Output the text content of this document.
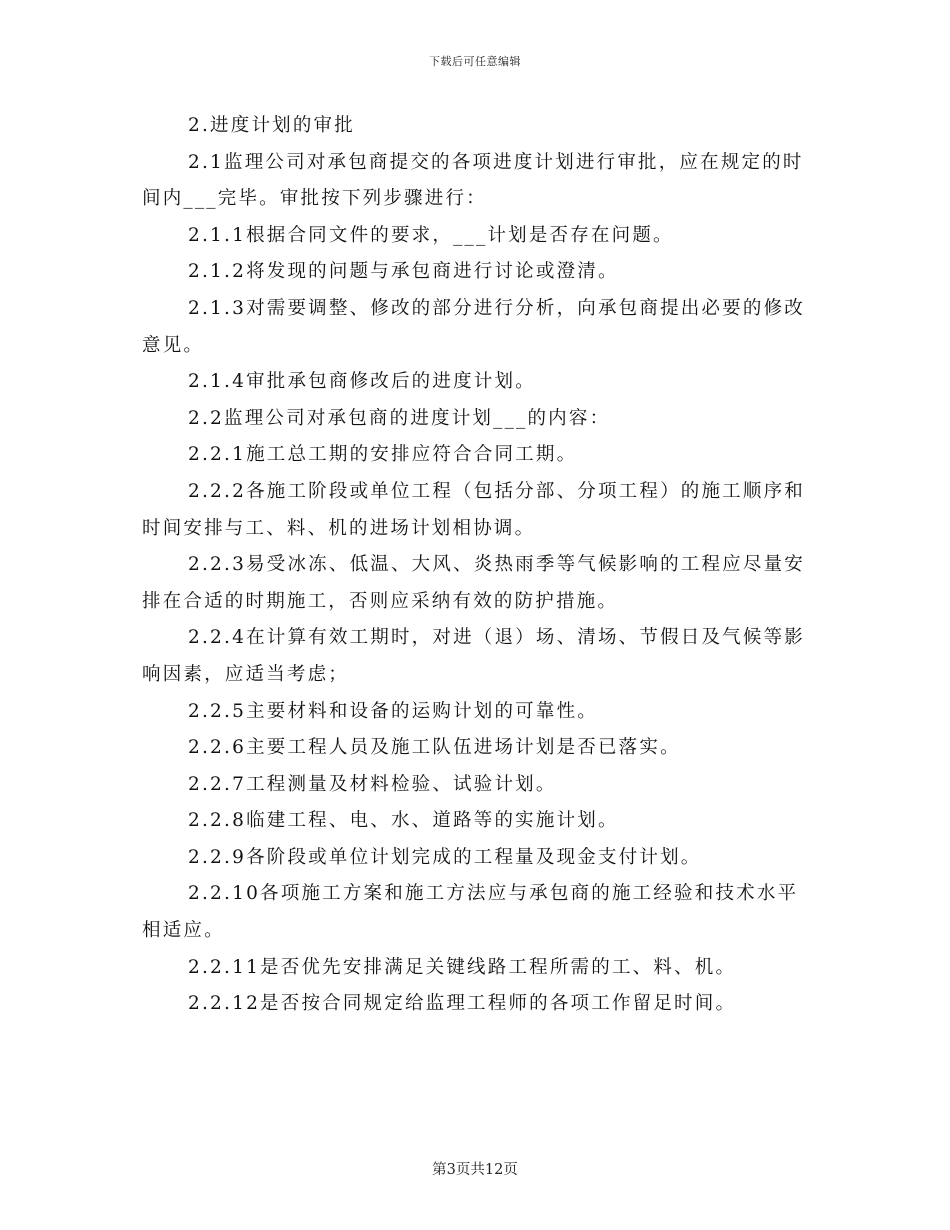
下载后可任意编辑

2.进度计划的审批

2.1监理公司对承包商提交的各项进度计划进行审批，应在规定的时间内___完毕。审批按下列步骤进行：

2.1.1根据合同文件的要求，___计划是否存在问题。

2.1.2将发现的问题与承包商进行讨论或澄清。

2.1.3对需要调整、修改的部分进行分析，向承包商提出必要的修改意见。

2.1.4审批承包商修改后的进度计划。

2.2监理公司对承包商的进度计划___的内容：

2.2.1施工总工期的安排应符合合同工期。

2.2.2各施工阶段或单位工程（包括分部、分项工程）的施工顺序和时间安排与工、料、机的进场计划相协调。

2.2.3易受冰冻、低温、大风、炎热雨季等气候影响的工程应尽量安排在合适的时期施工，否则应采纳有效的防护措施。

2.2.4在计算有效工期时，对进（退）场、清场、节假日及气候等影响因素，应适当考虑；

2.2.5主要材料和设备的运购计划的可靠性。

2.2.6主要工程人员及施工队伍进场计划是否已落实。

2.2.7工程测量及材料检验、试验计划。

2.2.8临建工程、电、水、道路等的实施计划。

2.2.9各阶段或单位计划完成的工程量及现金支付计划。

2.2.10各项施工方案和施工方法应与承包商的施工经验和技术水平相适应。

2.2.11是否优先安排满足关键线路工程所需的工、料、机。

2.2.12是否按合同规定给监理工程师的各项工作留足时间。

第3页共12页
